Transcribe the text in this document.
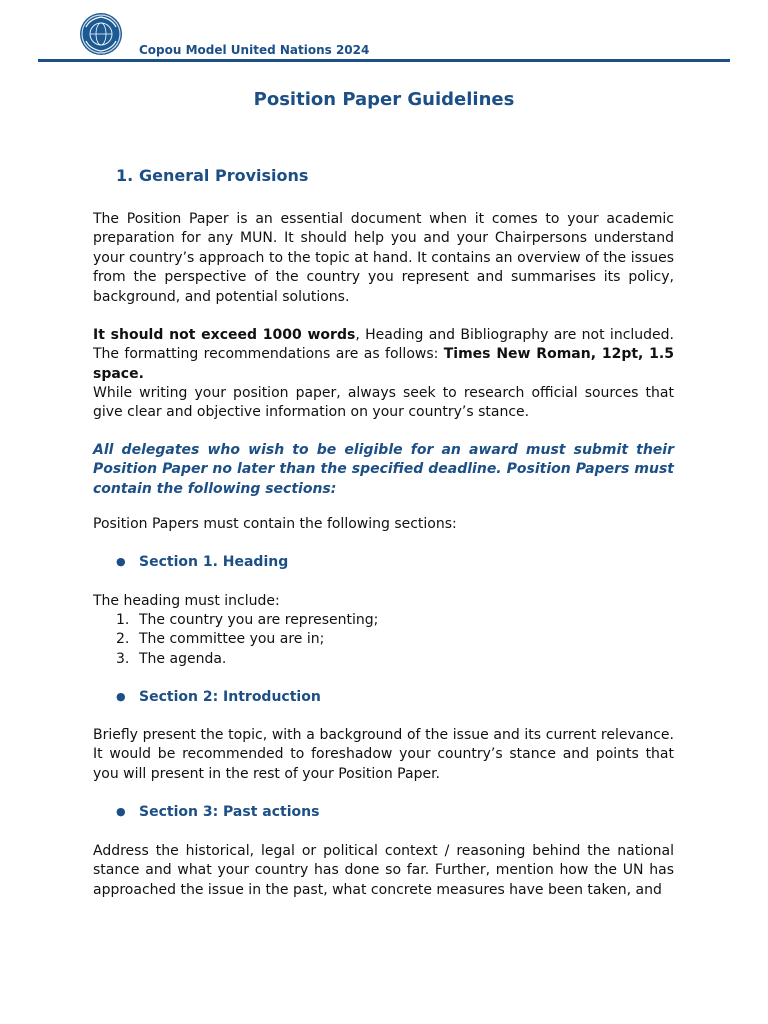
Copou Model United Nations 2024
Position Paper Guidelines
1. General Provisions

The Position Paper is an essential document when it comes to your academic preparation for any MUN. It should help you and your Chairpersons understand your country’s approach to the topic at hand. It contains an overview of the issues from the perspective of the country you represent and summarises its policy, background, and potential solutions.

It should not exceed 1000 words, Heading and Bibliography are not included. The formatting recommendations are as follows: Times New Roman, 12pt, 1.5 space.

While writing your position paper, always seek to research official sources that give clear and objective information on your country’s stance.

All delegates who wish to be eligible for an award must submit their Position Paper no later than the specified deadline. Position Papers must contain the following sections:

Position Papers must contain the following sections:

● Section 1. Heading

The heading must include:

1. The country you are representing;
2. The committee you are in;
3. The agenda.
● Section 2: Introduction

Briefly present the topic, with a background of the issue and its current relevance. It would be recommended to foreshadow your country’s stance and points that you will present in the rest of your Position Paper.

● Section 3: Past actions

Address the historical, legal or political context / reasoning behind the national stance and what your country has done so far. Further, mention how the UN has approached the issue in the past, what concrete measures have been taken, and
